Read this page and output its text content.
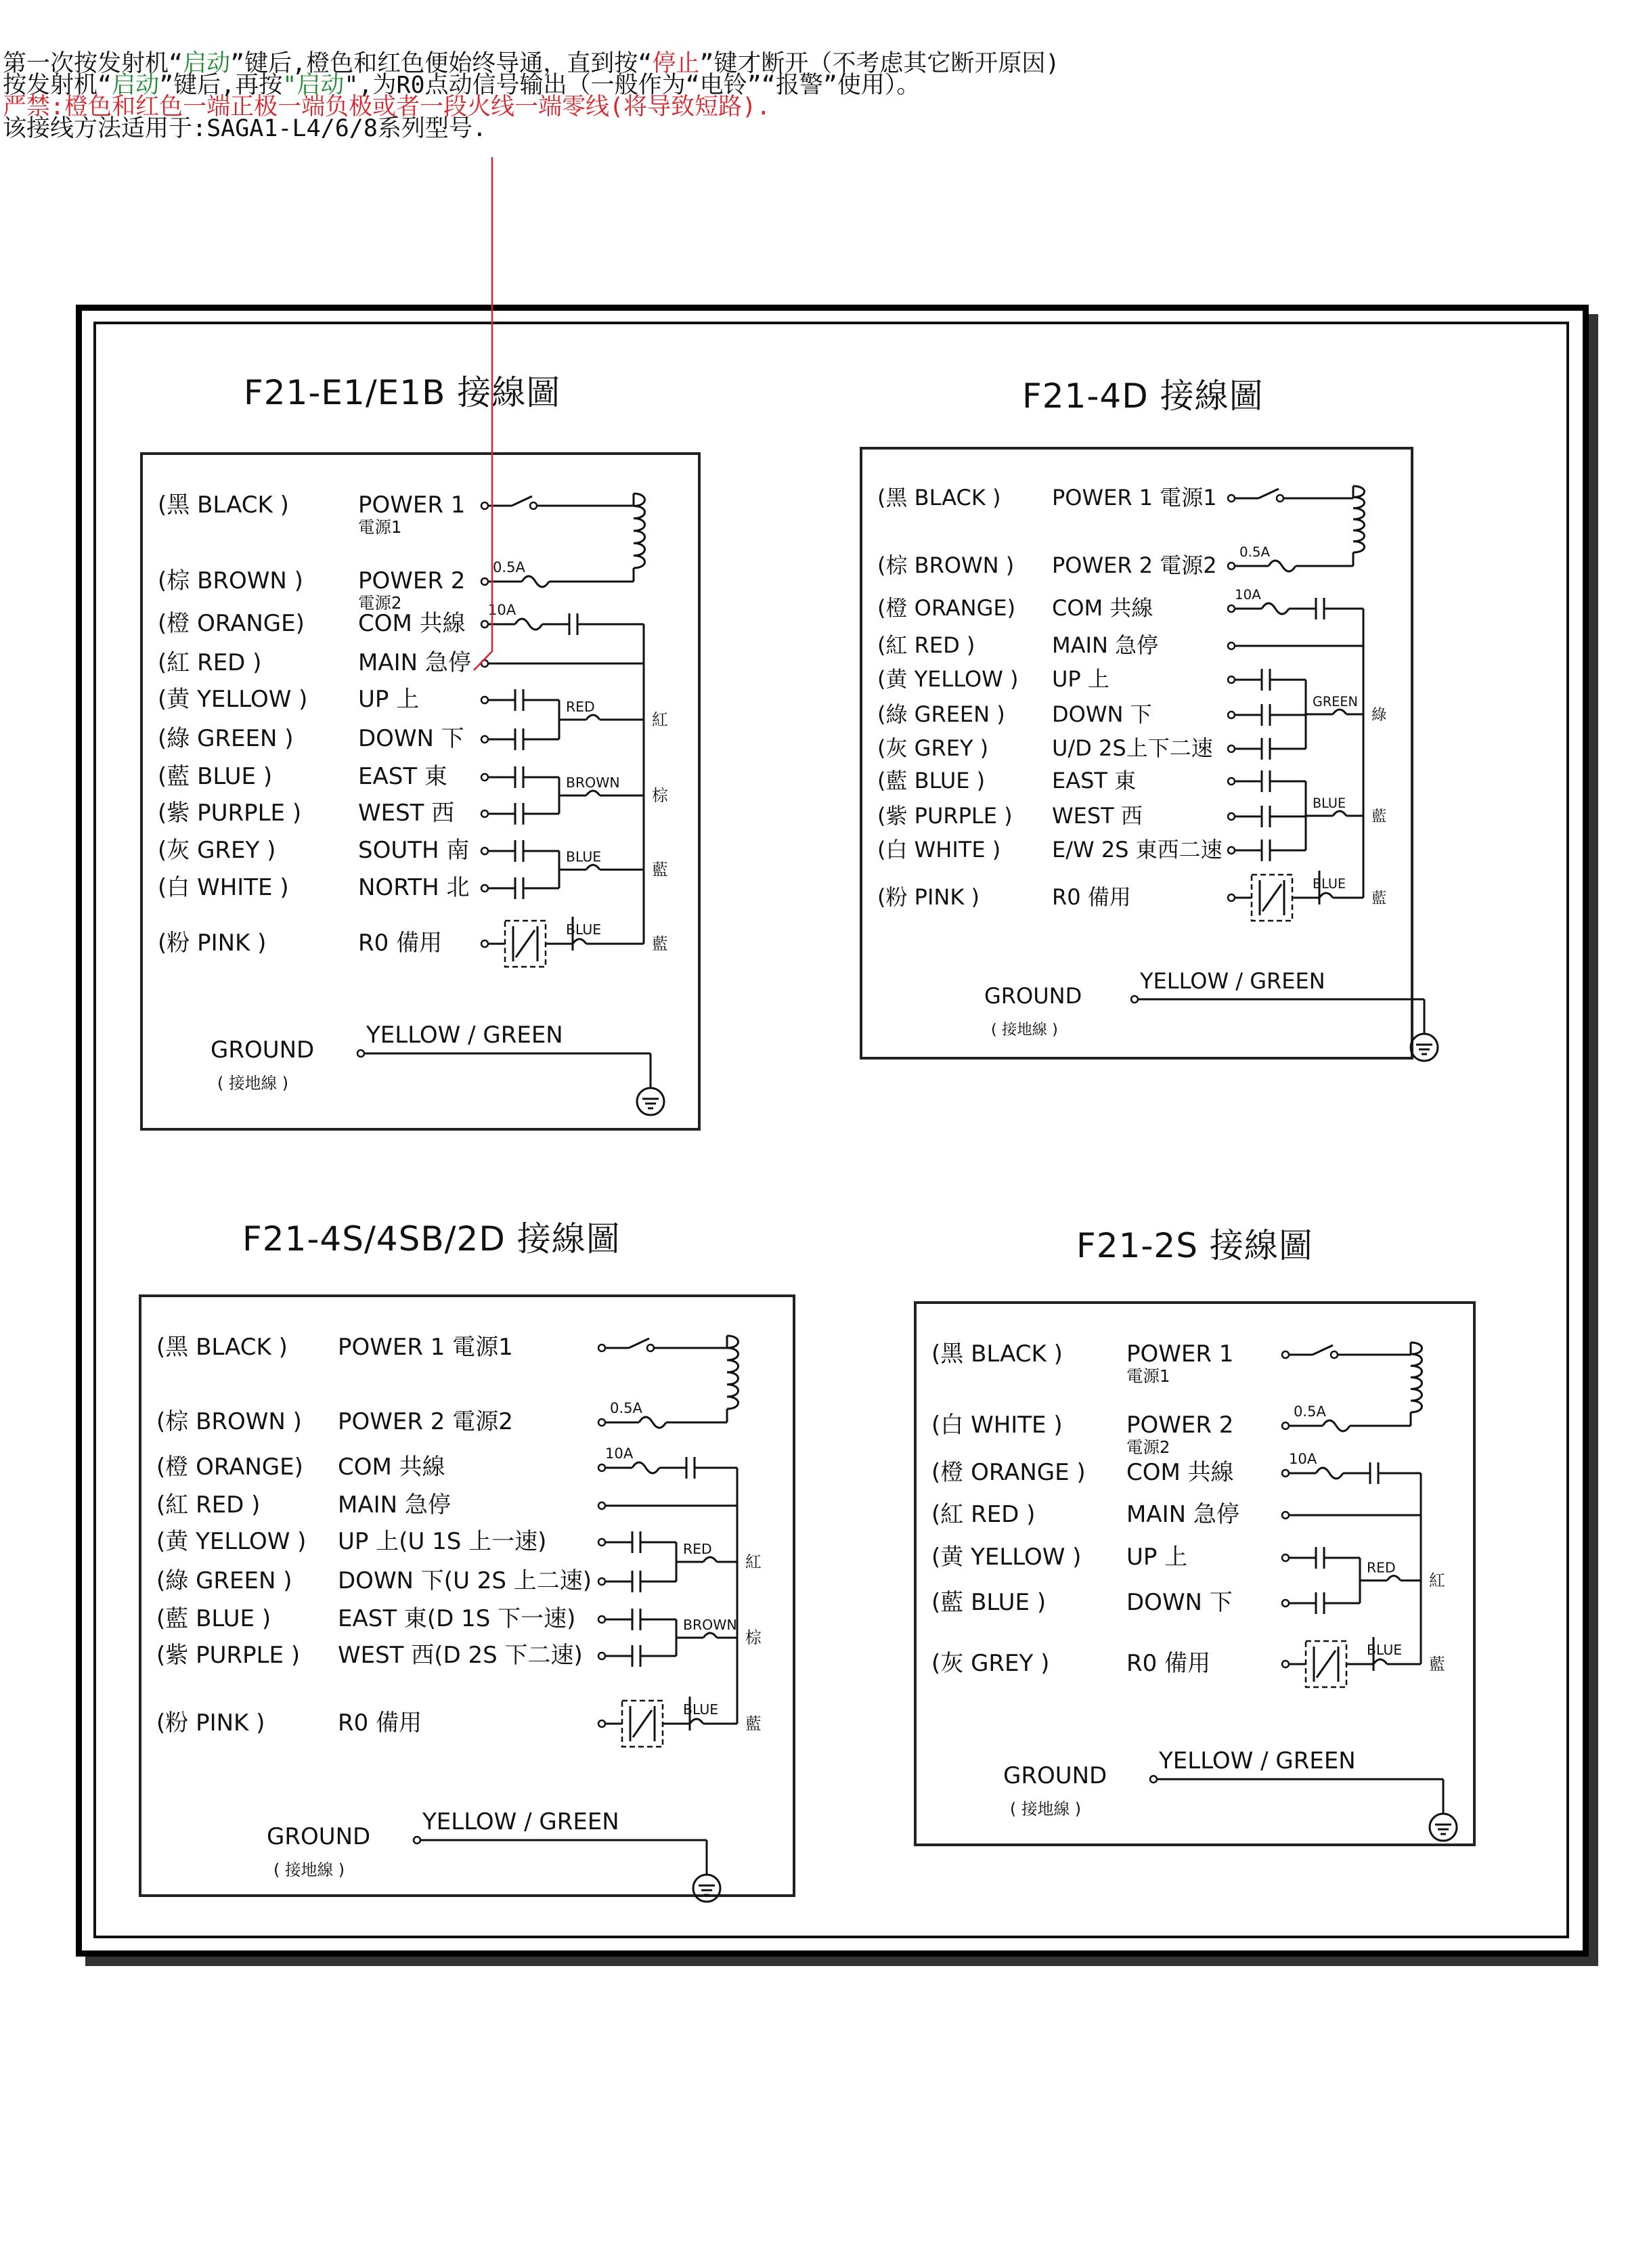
第一次按发射机“启动”键后,橙色和红色便始终导通，直到按“停止”键才断开（不考虑其它断开原因)
按发射机“启动”键后,再按"启动",为R0点动信号输出（一般作为“电铃”“报警”使用）。
严禁:橙色和红色一端正极一端负极或者一段火线一端零线(将导致短路).
该接线方法适用于:SAGA1-L4/6/8系列型号.
F21-E1/E1B 接線圖	F21-4D 接線圖
F21-4S/4SB/2D 接線圖	F21-2S 接線圖
(黑 BLACK )	POWER 1
電源1
(棕 BROWN ) POWER 2
電源2
(橙 ORANGE) COM 共線
(紅 RED )	MAIN 急停
(黄 YELLOW ) UP 上
(綠 GREEN )	DOWN 下
(藍 BLUE )	EAST 東
(紫 PURPLE ) WEST 西
(灰 GREY )	SOUTH 南
(白 WHITE )	NORTH 北
(粉 PINK )	R0 備用
0.5A
10A
RED
紅
BROWN
棕
BLUE
藍
BLUE
藍
GROUND
( 接地線 )
YELLOW / GREEN
(黑 BLACK ) POWER 1 電源1
(棕 BROWN ) POWER 2 電源2
(橙 ORANGE) COM 共線
(紅 RED )	MAIN 急停
(黄 YELLOW ) UP 上
(綠 GREEN ) DOWN 下
(灰 GREY )	U/D 2S上下二速
(藍 BLUE )	EAST 東
(紫 PURPLE ) WEST 西
(白 WHITE ) E/W 2S 東西二速
(粉 PINK )	R0 備用
0.5A
10A
GREEN
綠
BLUE
藍
BLUE
藍
GROUND
( 接地線 )
YELLOW / GREEN
(黑 BLACK ) POWER 1 電源1
(棕 BROWN ) POWER 2 電源2
(橙 ORANGE) COM 共線
(紅 RED )	MAIN 急停
(黄 YELLOW ) UP 上(U 1S 上一速)
(綠 GREEN ) DOWN 下(U 2S 上二速)
(藍 BLUE )	EAST 東(D 1S 下一速)
(紫 PURPLE ) WEST 西(D 2S 下二速)
(粉 PINK )	R0 備用
0.5A
10A
RED
紅
BROWN
棕
BLUE
藍
GROUND
( 接地線 )
YELLOW / GREEN
(黑 BLACK )	POWER 1
電源1
(白 WHITE )	POWER 2
電源2
(橙 ORANGE ) COM 共線
(紅 RED )	MAIN 急停
(黄 YELLOW ) UP 上
(藍 BLUE )	DOWN 下
(灰 GREY )	R0 備用
0.5A
10A
RED
紅
BLUE
藍
GROUND
( 接地線 )
YELLOW / GREEN
